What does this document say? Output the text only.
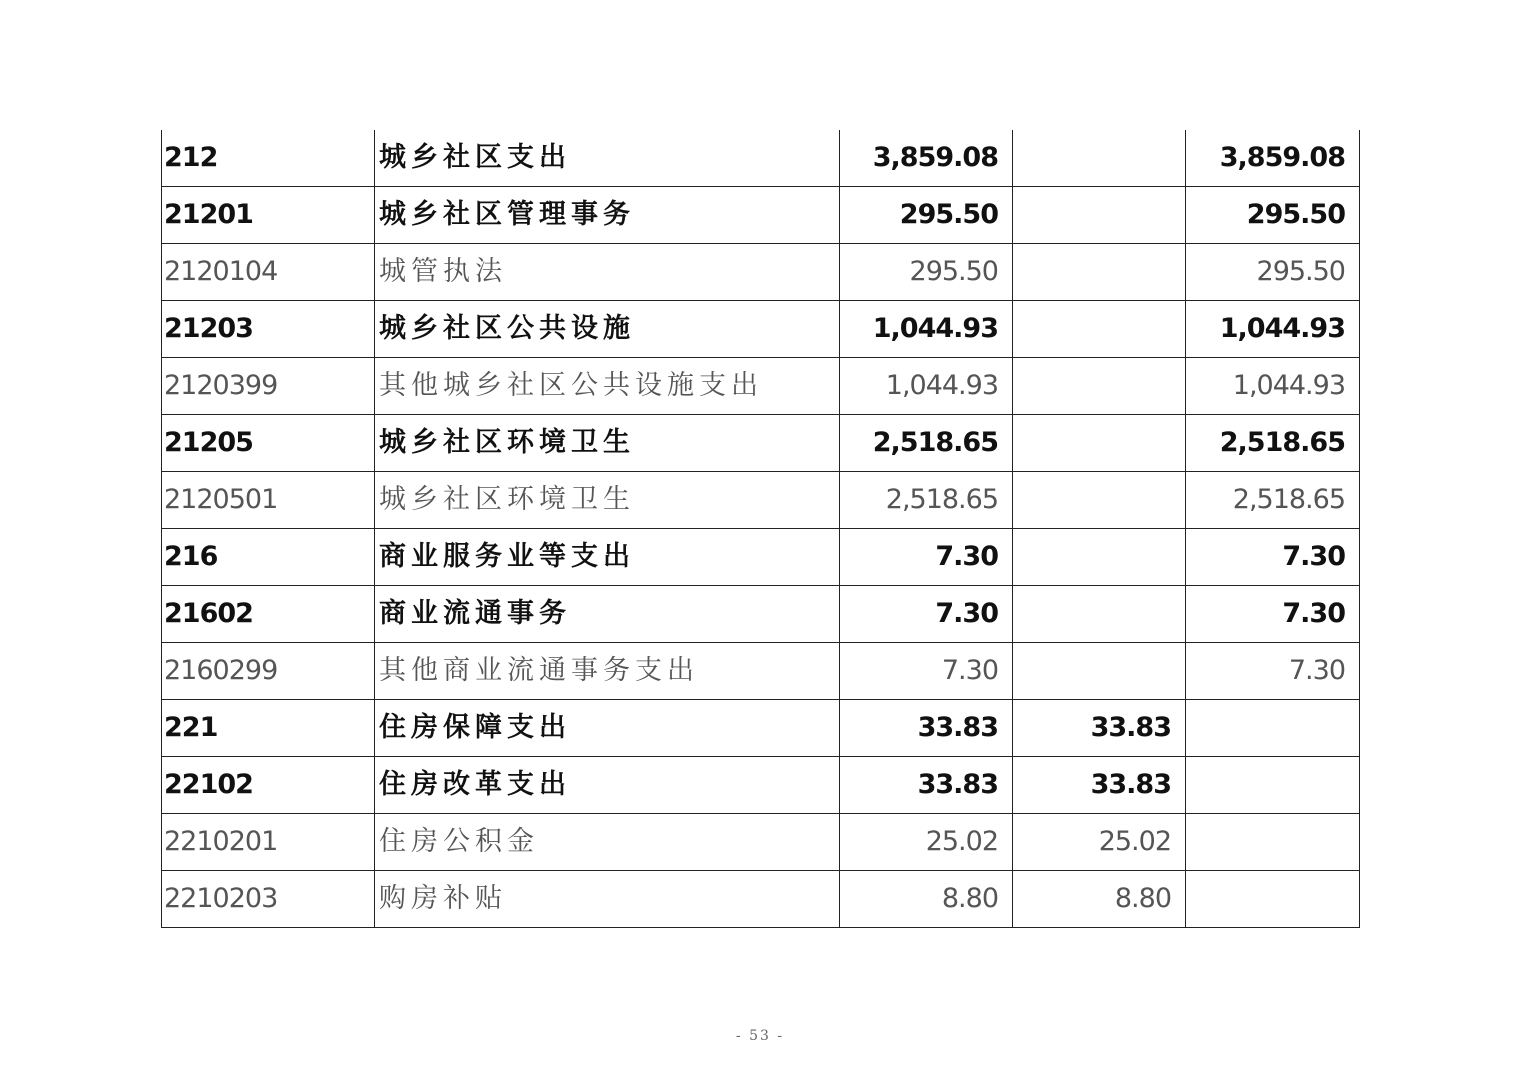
212	城乡社区支出	3,859.08		3,859.08
21201	城乡社区管理事务	295.50		295.50
2120104	城管执法	295.50		295.50
21203	城乡社区公共设施	1,044.93		1,044.93
2120399	其他城乡社区公共设施支出	1,044.93		1,044.93
21205	城乡社区环境卫生	2,518.65		2,518.65
2120501	城乡社区环境卫生	2,518.65		2,518.65
216	商业服务业等支出	7.30		7.30
21602	商业流通事务	7.30		7.30
2160299	其他商业流通事务支出	7.30		7.30
221	住房保障支出	33.83	33.83	
22102	住房改革支出	33.83	33.83	
2210201	住房公积金	25.02	25.02	
2210203	购房补贴	8.80	8.80	
- 53 -
